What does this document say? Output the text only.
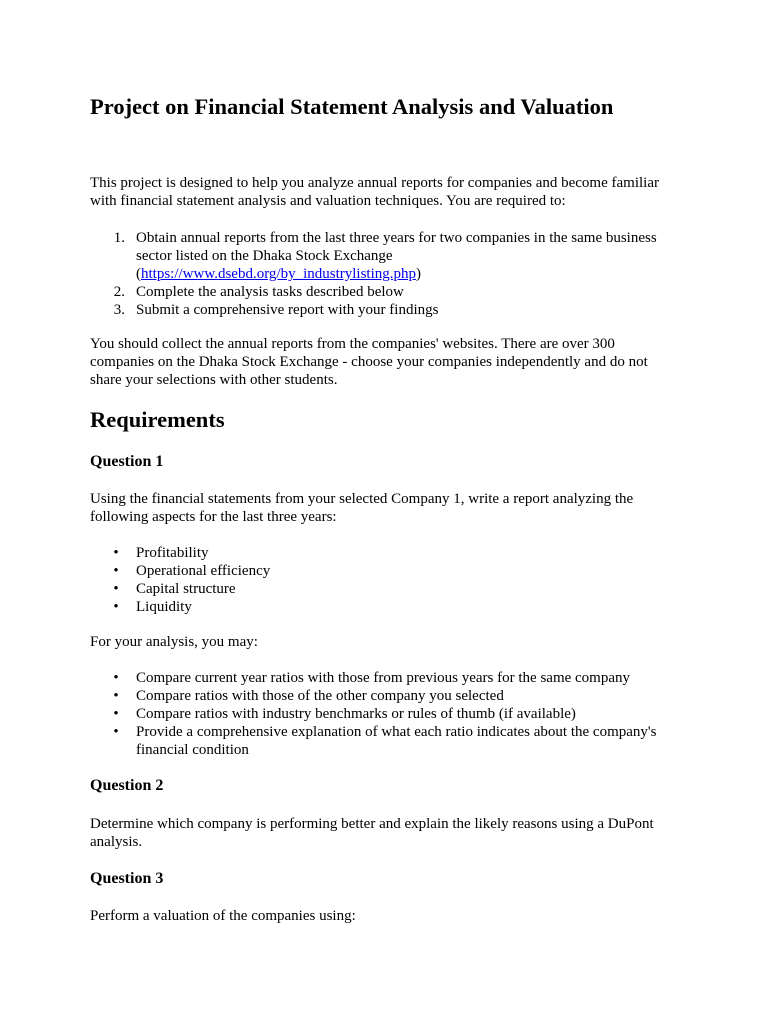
Project on Financial Statement Analysis and Valuation

This project is designed to help you analyze annual reports for companies and become familiar with financial statement analysis and valuation techniques. You are required to:

1. Obtain annual reports from the last three years for two companies in the same business sector listed on the Dhaka Stock Exchange (https://www.dsebd.org/by_industrylisting.php)
2. Complete the analysis tasks described below
3. Submit a comprehensive report with your findings

You should collect the annual reports from the companies' websites. There are over 300 companies on the Dhaka Stock Exchange - choose your companies independently and do not share your selections with other students.

Requirements
Question 1

Using the financial statements from your selected Company 1, write a report analyzing the following aspects for the last three years:

• Profitability
• Operational efficiency
• Capital structure
• Liquidity

For your analysis, you may:

• Compare current year ratios with those from previous years for the same company
• Compare ratios with those of the other company you selected
• Compare ratios with industry benchmarks or rules of thumb (if available)
• Provide a comprehensive explanation of what each ratio indicates about the company's financial condition
Question 2

Determine which company is performing better and explain the likely reasons using a DuPont analysis.

Question 3

Perform a valuation of the companies using:
